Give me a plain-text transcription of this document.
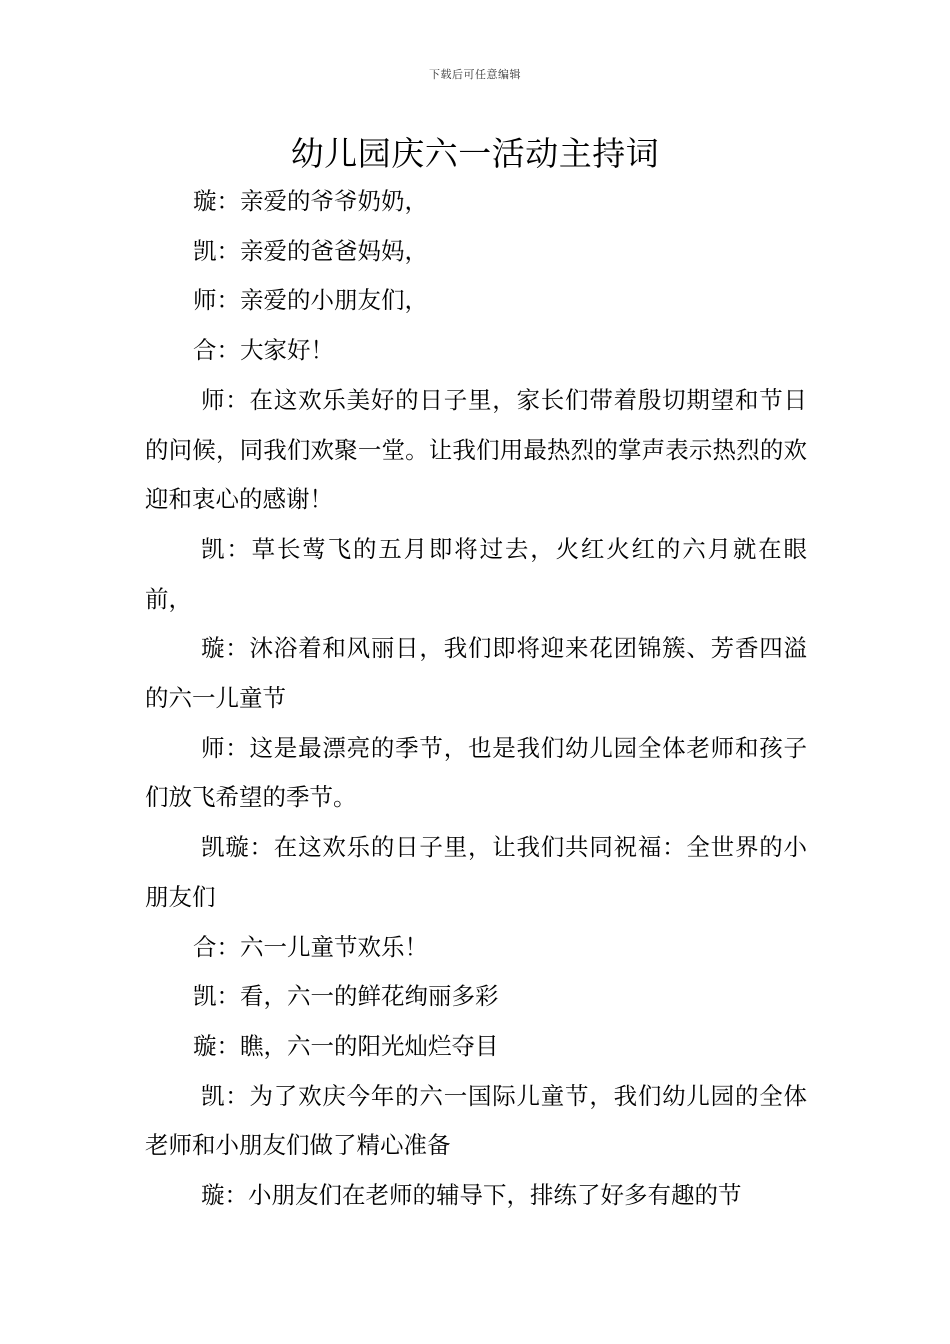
下载后可任意编辑
幼儿园庆六一活动主持词

璇：亲爱的爷爷奶奶，

凯：亲爱的爸爸妈妈，

师：亲爱的小朋友们，

合：大家好！

师：在这欢乐美好的日子里，家长们带着殷切期望和节日的问候，同我们欢聚一堂。让我们用最热烈的掌声表示热烈的欢迎和衷心的感谢！

凯：草长莺飞的五月即将过去，火红火红的六月就在眼前，

璇：沐浴着和风丽日，我们即将迎来花团锦簇、芳香四溢的六一儿童节

师：这是最漂亮的季节，也是我们幼儿园全体老师和孩子们放飞希望的季节。

凯璇：在这欢乐的日子里，让我们共同祝福：全世界的小朋友们

合：六一儿童节欢乐！

凯：看，六一的鲜花绚丽多彩

璇：瞧，六一的阳光灿烂夺目

凯：为了欢庆今年的六一国际儿童节，我们幼儿园的全体老师和小朋友们做了精心准备

璇：小朋友们在老师的辅导下，排练了好多有趣的节
